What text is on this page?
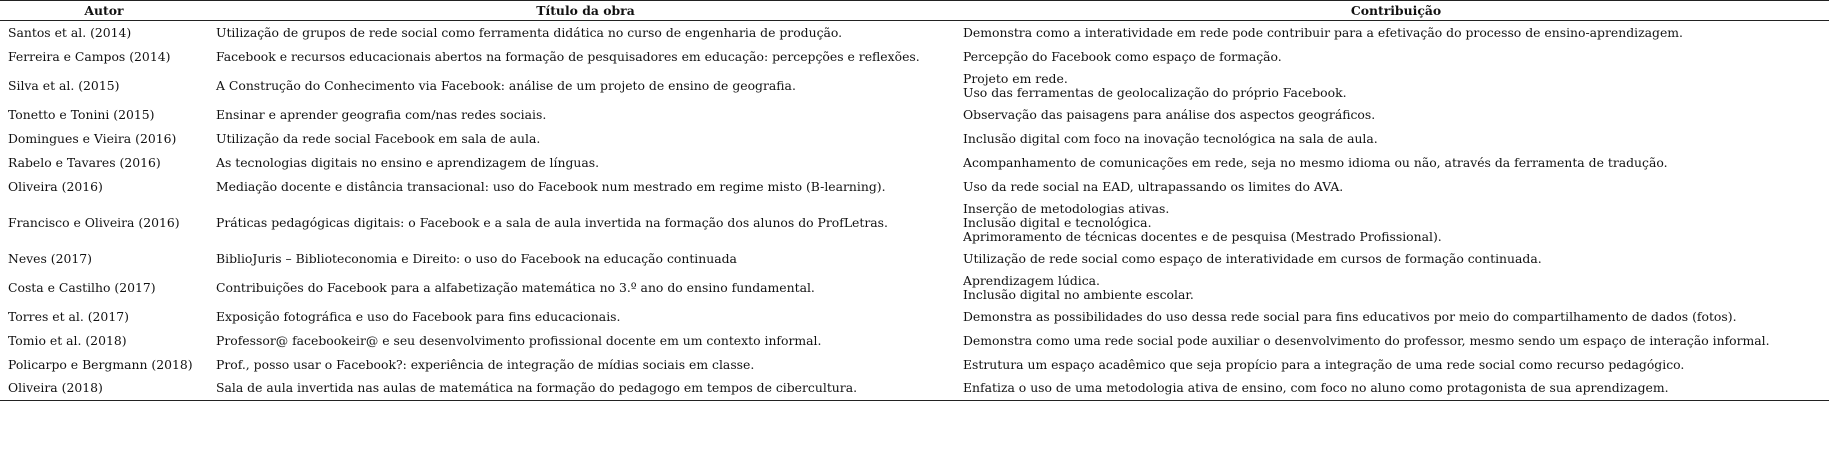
Autor	Título da obra	Contribuição
Santos et al. (2014)	Utilização de grupos de rede social como ferramenta didática no curso de engenharia de produção.	Demonstra como a interatividade em rede pode contribuir para a efetivação do processo de ensino-aprendizagem.

Ferreira e Campos (2014)	Facebook e recursos educacionais abertos na formação de pesquisadores em educação: percepções e reflexões.	Percepção do Facebook como espaço de formação.

Silva et al. (2015)	A Construção do Conhecimento via Facebook: análise de um projeto de ensino de geografia.	Projeto em rede.
Uso das ferramentas de geolocalização do próprio Facebook.

Tonetto e Tonini (2015)	Ensinar e aprender geografia com/nas redes sociais.	Observação das paisagens para análise dos aspectos geográficos.

Domingues e Vieira (2016)	Utilização da rede social Facebook em sala de aula.	Inclusão digital com foco na inovação tecnológica na sala de aula.

Rabelo e Tavares (2016)	As tecnologias digitais no ensino e aprendizagem de línguas.	Acompanhamento de comunicações em rede, seja no mesmo idioma ou não, através da ferramenta de tradução.

Oliveira (2016)	Mediação docente e distância transacional: uso do Facebook num mestrado em regime misto (B-learning).	Uso da rede social na EAD, ultrapassando os limites do AVA.

Francisco e Oliveira (2016)	Práticas pedagógicas digitais: o Facebook e a sala de aula invertida na formação dos alunos do ProfLetras.	Inserção de metodologias ativas.
Inclusão digital e tecnológica.
Aprimoramento de técnicas docentes e de pesquisa (Mestrado Profissional).

Neves (2017)	BiblioJuris – Biblioteconomia e Direito: o uso do Facebook na educação continuada	Utilização de rede social como espaço de interatividade em cursos de formação continuada.

Costa e Castilho (2017)	Contribuições do Facebook para a alfabetização matemática no 3.º ano do ensino fundamental.	Aprendizagem lúdica.
Inclusão digital no ambiente escolar.

Torres et al. (2017)	Exposição fotográfica e uso do Facebook para fins educacionais.	Demonstra as possibilidades do uso dessa rede social para fins educativos por meio do compartilhamento de dados (fotos).

Tomio et al. (2018)	Professor@ facebookeir@ e seu desenvolvimento profissional docente em um contexto informal.	Demonstra como uma rede social pode auxiliar o desenvolvimento do professor, mesmo sendo um espaço de interação informal.

Policarpo e Bergmann (2018)	Prof., posso usar o Facebook?: experiência de integração de mídias sociais em classe.	Estrutura um espaço acadêmico que seja propício para a integração de uma rede social como recurso pedagógico.

Oliveira (2018)	Sala de aula invertida nas aulas de matemática na formação do pedagogo em tempos de cibercultura.	Enfatiza o uso de uma metodologia ativa de ensino, com foco no aluno como protagonista de sua aprendizagem.
